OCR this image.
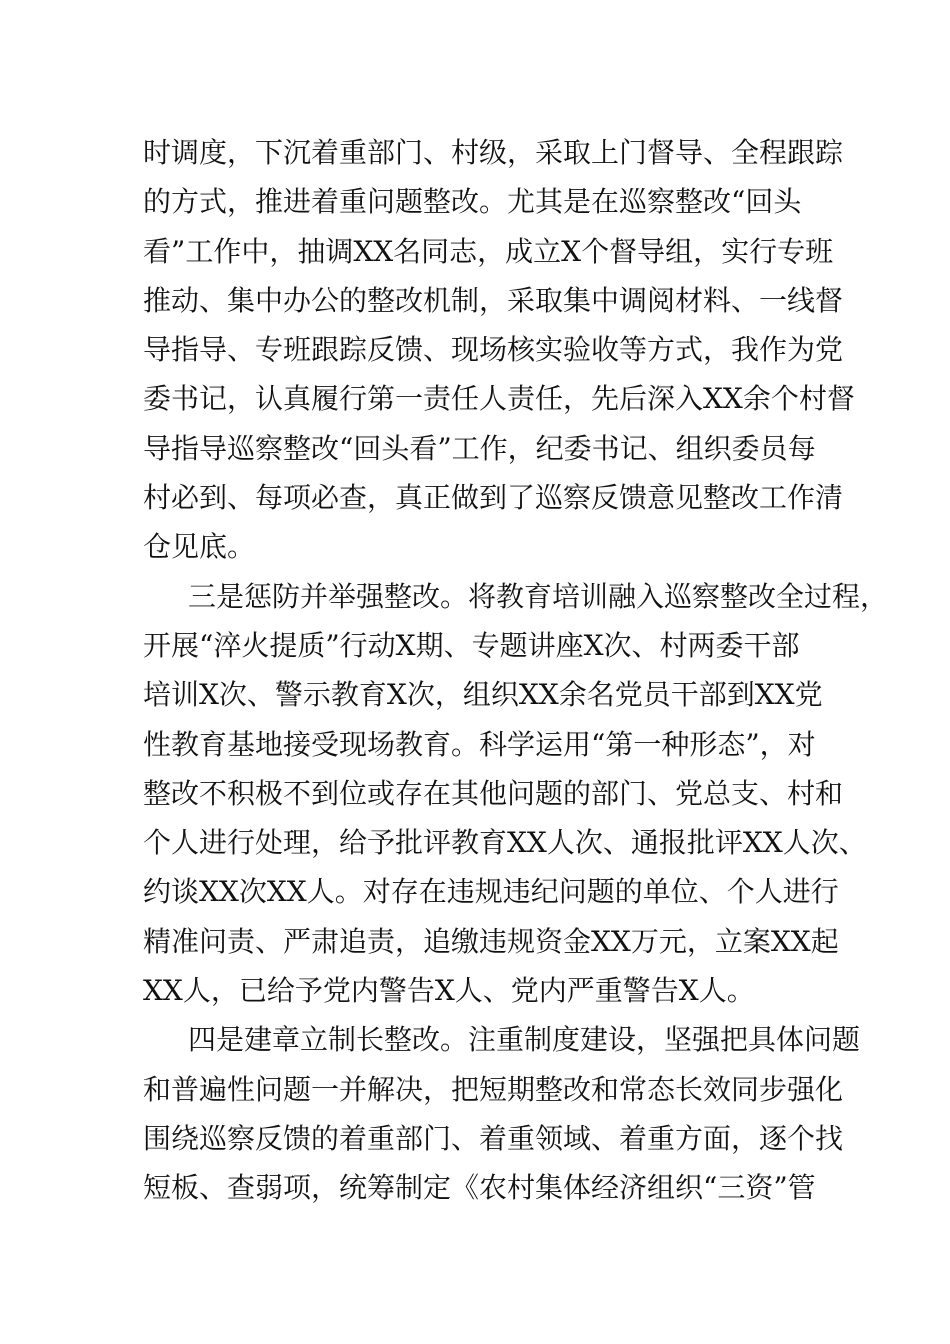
时调度，下沉着重部门、村级，采取上门督导、全程跟踪
的方式，推进着重问题整改。尤其是在巡察整改“回头
看”工作中，抽调XX名同志，成立X个督导组，实行专班
推动、集中办公的整改机制，采取集中调阅材料、一线督
导指导、专班跟踪反馈、现场核实验收等方式，我作为党
委书记，认真履行第一责任人责任，先后深入XX余个村督
导指导巡察整改“回头看”工作，纪委书记、组织委员每
村必到、每项必查，真正做到了巡察反馈意见整改工作清
仓见底。

三是惩防并举强整改。将教育培训融入巡察整改全过程，
开展“淬火提质”行动X期、专题讲座X次、村两委干部
培训X次、警示教育X次，组织XX余名党员干部到XX党
性教育基地接受现场教育。科学运用“第一种形态”，对
整改不积极不到位或存在其他问题的部门、党总支、村和
个人进行处理，给予批评教育XX人次、通报批评XX人次、
约谈XX次XX人。对存在违规违纪问题的单位、个人进行
精准问责、严肃追责，追缴违规资金XX万元，立案XX起
XX人，已给予党内警告X人、党内严重警告X人。

四是建章立制长整改。注重制度建设，坚强把具体问题
和普遍性问题一并解决，把短期整改和常态长效同步强化
围绕巡察反馈的着重部门、着重领域、着重方面，逐个找
短板、查弱项，统筹制定《农村集体经济组织“三资”管
